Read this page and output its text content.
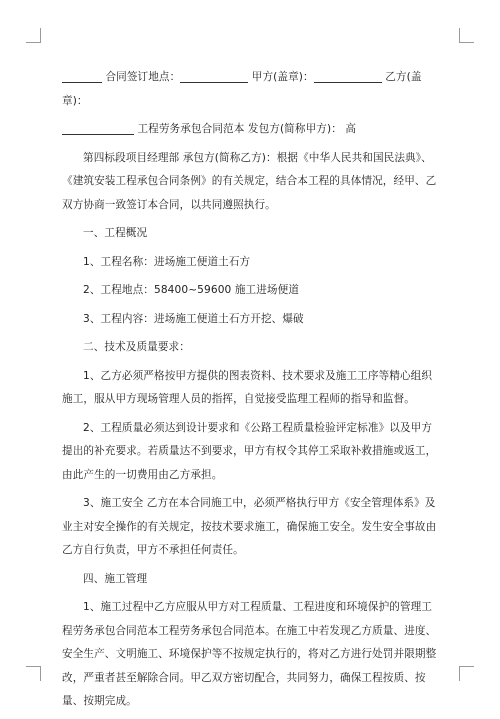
合同签订地点：	甲方(盖章)：	乙方(盖章)：

工程劳务承包合同范本 发包方(简称甲方)： 高

第四标段项目经理部 承包方(简称乙方)：根据《中华人民共和国民法典》、《建筑安装工程承包合同条例》的有关规定，结合本工程的具体情况，经甲、乙双方协商一致签订本合同，以共同遵照执行。

一、工程概况

1、工程名称：进场施工便道土石方

2、工程地点：58400~59600 施工进场便道

3、工程内容：进场施工便道土石方开挖、爆破

二、技术及质量要求：

1、乙方必须严格按甲方提供的图表资料、技术要求及施工工序等精心组织施工，服从甲方现场管理人员的指挥，自觉接受监理工程师的指导和监督。

2、工程质量必须达到设计要求和《公路工程质量检验评定标准》以及甲方提出的补充要求。若质量达不到要求，甲方有权令其停工采取补救措施或返工，由此产生的一切费用由乙方承担。

3、施工安全 乙方在本合同施工中，必须严格执行甲方《安全管理体系》及业主对安全操作的有关规定，按技术要求施工，确保施工安全。发生安全事故由乙方自行负责，甲方不承担任何责任。

四、施工管理

1、施工过程中乙方应服从甲方对工程质量、工程进度和环境保护的管理工程劳务承包合同范本工程劳务承包合同范本。在施工中若发现乙方质量、进度、安全生产、文明施工、环境保护等不按规定执行的，将对乙方进行处罚并限期整改，严重者甚至解除合同。甲乙双方密切配合，共同努力，确保工程按质、按量、按期完成。
